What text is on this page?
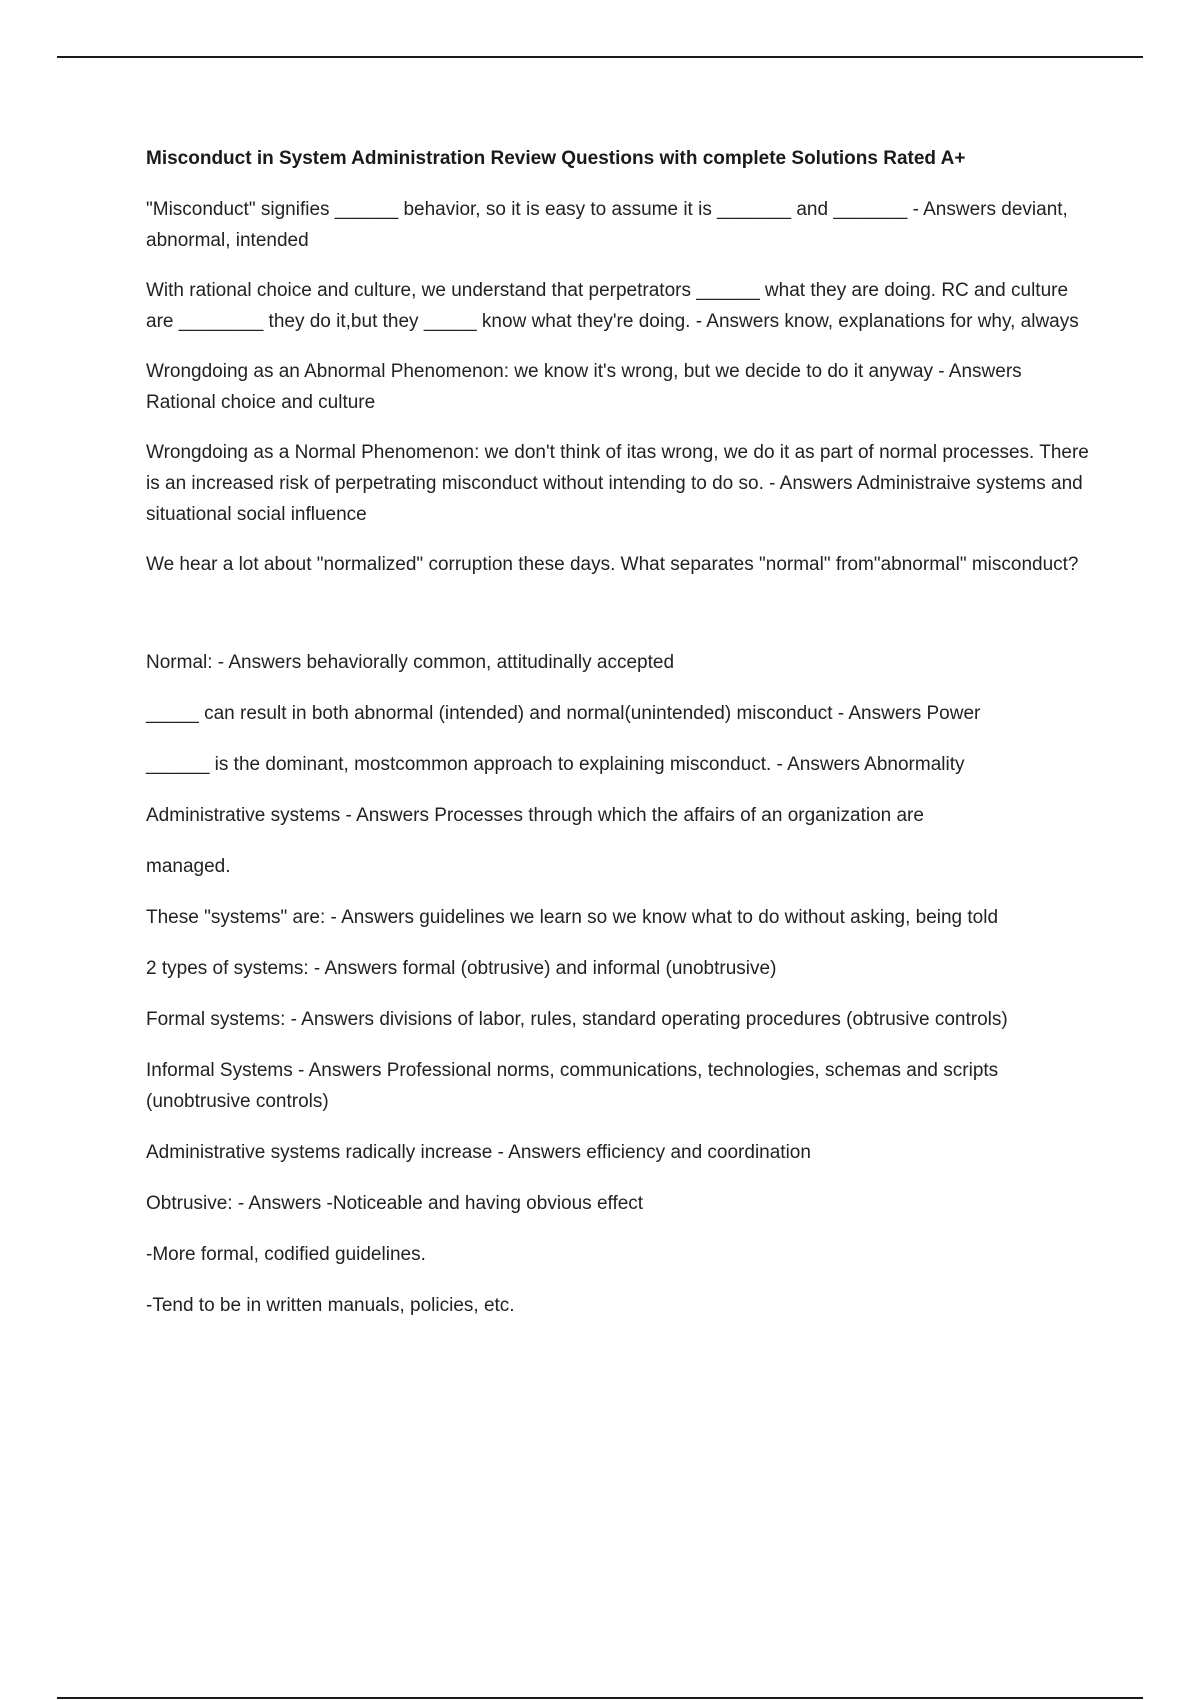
Misconduct in System Administration Review Questions with complete Solutions Rated A+

"Misconduct" signifies ______ behavior, so it is easy to assume it is _______ and _______ - Answers deviant, abnormal, intended

With rational choice and culture, we understand that perpetrators ______ what they are doing. RC and culture are ________ they do it,but they _____ know what they're doing. - Answers know, explanations for why, always

Wrongdoing as an Abnormal Phenomenon: we know it's wrong, but we decide to do it anyway - Answers Rational choice and culture

Wrongdoing as a Normal Phenomenon: we don't think of itas wrong, we do it as part of normal processes. There is an increased risk of perpetrating misconduct without intending to do so. - Answers Administraive systems and situational social influence

We hear a lot about "normalized" corruption these days. What separates "normal" from"abnormal" misconduct?

Normal: - Answers behaviorally common, attitudinally accepted

_____ can result in both abnormal (intended) and normal(unintended) misconduct - Answers Power

______ is the dominant, mostcommon approach to explaining misconduct. - Answers Abnormality

Administrative systems - Answers Processes through which the affairs of an organization are

managed.

These "systems" are: - Answers guidelines we learn so we know what to do without asking, being told

2 types of systems: - Answers formal (obtrusive) and informal (unobtrusive)

Formal systems: - Answers divisions of labor, rules, standard operating procedures (obtrusive controls)

Informal Systems - Answers Professional norms, communications, technologies, schemas and scripts (unobtrusive controls)

Administrative systems radically increase - Answers efficiency and coordination

Obtrusive: - Answers -Noticeable and having obvious effect

-More formal, codified guidelines.

-Tend to be in written manuals, policies, etc.
